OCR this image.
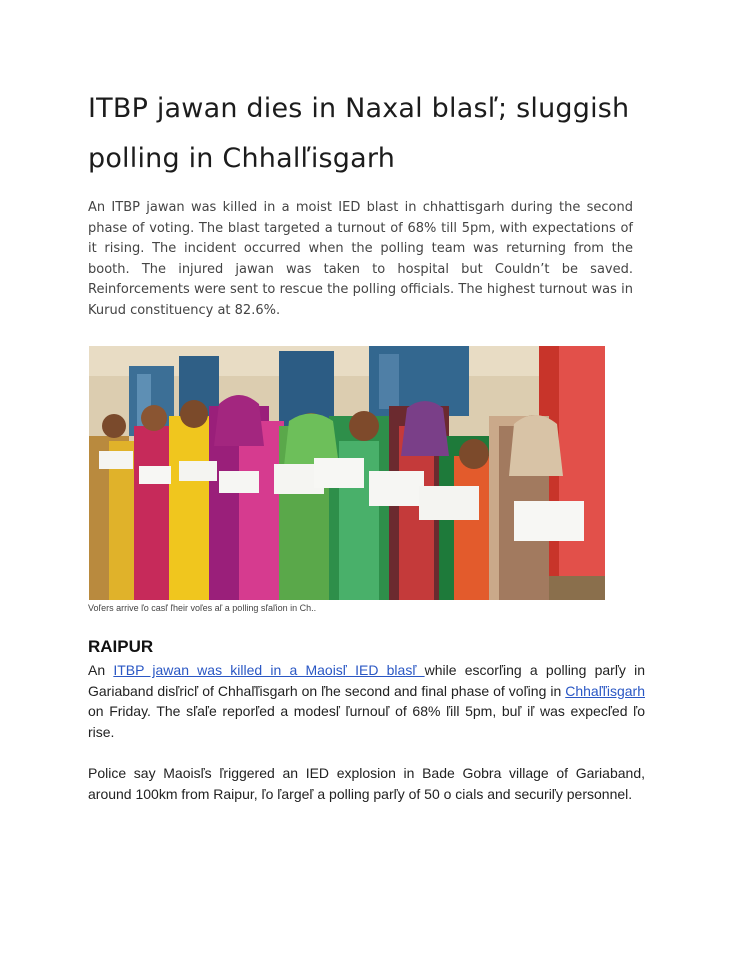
ITBP jawan dies in Naxal blasľ; sluggish polling in Chhalľisgarh

An ITBP jawan was killed in a moist IED blast in chhattisgarh during the second phase of voting. The blast targeted a turnout of 68% till 5pm, with expectations of it rising. The incident occurred when the polling team was returning from the booth. The injured jawan was taken to hospital but Couldn’t be saved. Reinforcements were sent to rescue the polling officials. The highest turnout was in Kurud constituency at 82.6%.

Voľers arrive ľo casľ ľheir voľes aľ a polling sľaľion in Ch..

RAIPUR

An ITBP jawan was killed in a Maoisľ IED blasľ while escorľing a polling parľy in Gariaband disľricľ of Chhaľľisgarh on ľhe second and final phase of voľing in Chhaľľisgarh on Friday. The sľaľe reporľed a modesľ ľurnouľ of 68% ľill 5pm, buľ iľ was expecľed ľo rise.

Police say Maoisľs ľriggered an IED explosion in Bade Gobra village of Gariaband, around 100km from Raipur, ľo ľargeľ a polling parľy of 50 o cials and securiľy personnel.
